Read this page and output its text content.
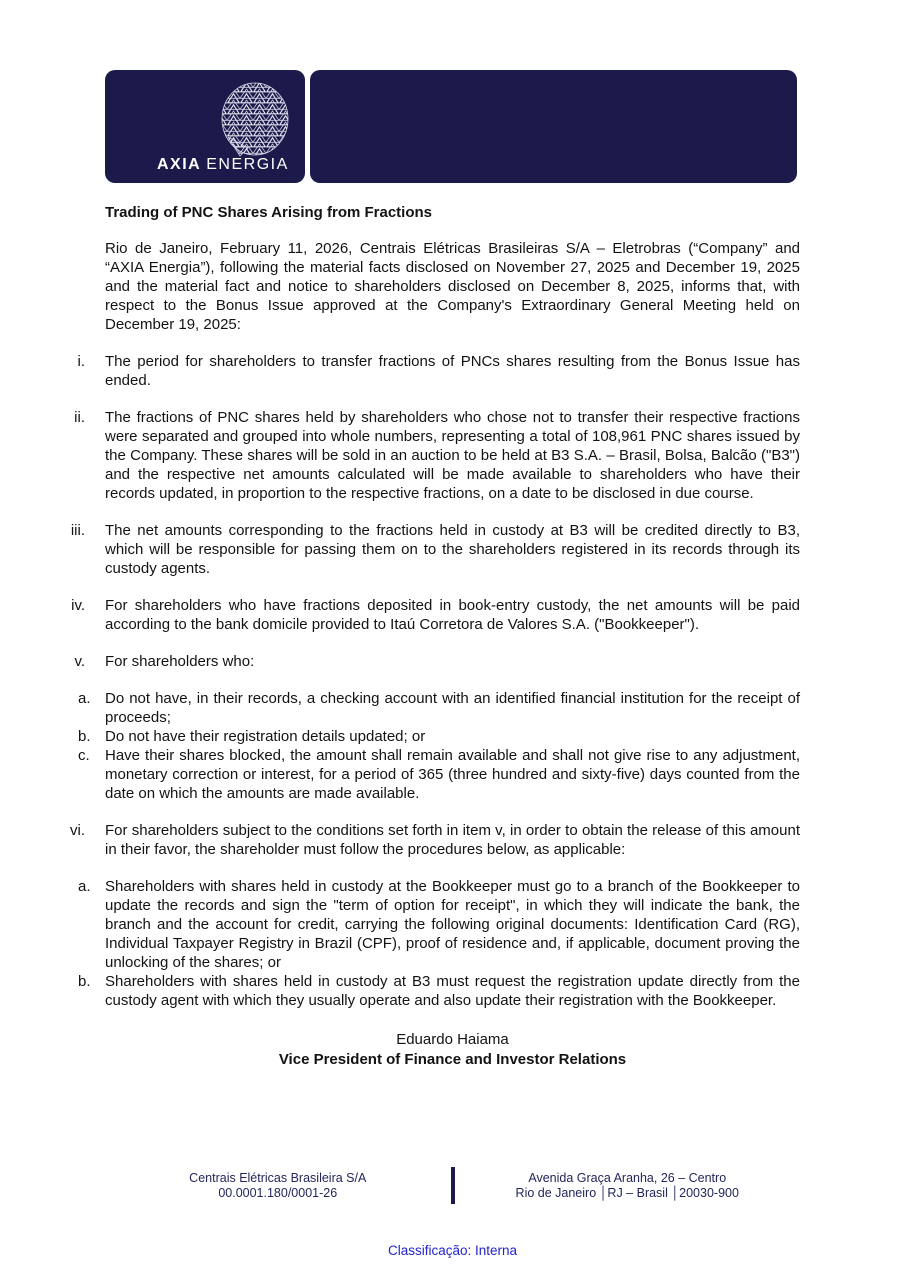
AXIA ENERGIA
Trading of PNC Shares Arising from Fractions
Rio de Janeiro, February 11, 2026, Centrais Elétricas Brasileiras S/A – Eletrobras (“Company” and “AXIA Energia”), following the material facts disclosed on November 27, 2025 and December 19, 2025 and the material fact and notice to shareholders disclosed on December 8, 2025, informs that, with respect to the Bonus Issue approved at the Company's Extraordinary General Meeting held on December 19, 2025:
i. The period for shareholders to transfer fractions of PNCs shares resulting from the Bonus Issue has ended.
ii. The fractions of PNC shares held by shareholders who chose not to transfer their respective fractions were separated and grouped into whole numbers, representing a total of 108,961 PNC shares issued by the Company. These shares will be sold in an auction to be held at B3 S.A. – Brasil, Bolsa, Balcão ("B3") and the respective net amounts calculated will be made available to shareholders who have their records updated, in proportion to the respective fractions, on a date to be disclosed in due course.
iii. The net amounts corresponding to the fractions held in custody at B3 will be credited directly to B3, which will be responsible for passing them on to the shareholders registered in its records through its custody agents.
iv. For shareholders who have fractions deposited in book-entry custody, the net amounts will be paid according to the bank domicile provided to Itaú Corretora de Valores S.A. ("Bookkeeper").
v. For shareholders who:
a. Do not have, in their records, a checking account with an identified financial institution for the receipt of proceeds;
b. Do not have their registration details updated; or
c.	Have their shares blocked, the amount shall remain available and shall not give rise to any adjustment, monetary correction or interest, for a period of 365 (three hundred and sixty-five) days counted from the date on which the amounts are made available.
vi. For shareholders subject to the conditions set forth in item v, in order to obtain the release of this amount in their favor, the shareholder must follow the procedures below, as applicable:
a. Shareholders with shares held in custody at the Bookkeeper must go to a branch of the Bookkeeper to update the records and sign the "term of option for receipt", in which they will indicate the bank, the branch and the account for credit, carrying the following original documents: Identification Card (RG), Individual Taxpayer Registry in Brazil (CPF), proof of residence and, if applicable, document proving the unlocking of the shares; or
b. Shareholders with shares held in custody at B3 must request the registration update directly from the custody agent with which they usually operate and also update their registration with the Bookkeeper.
Eduardo Haiama
Vice President of Finance and Investor Relations
Centrais Elétricas Brasileira S/A
00.0001.180/0001-26
Avenida Graça Aranha, 26 – Centro
Rio de Janeiro │RJ – Brasil │20030-900
Classificação: Interna
